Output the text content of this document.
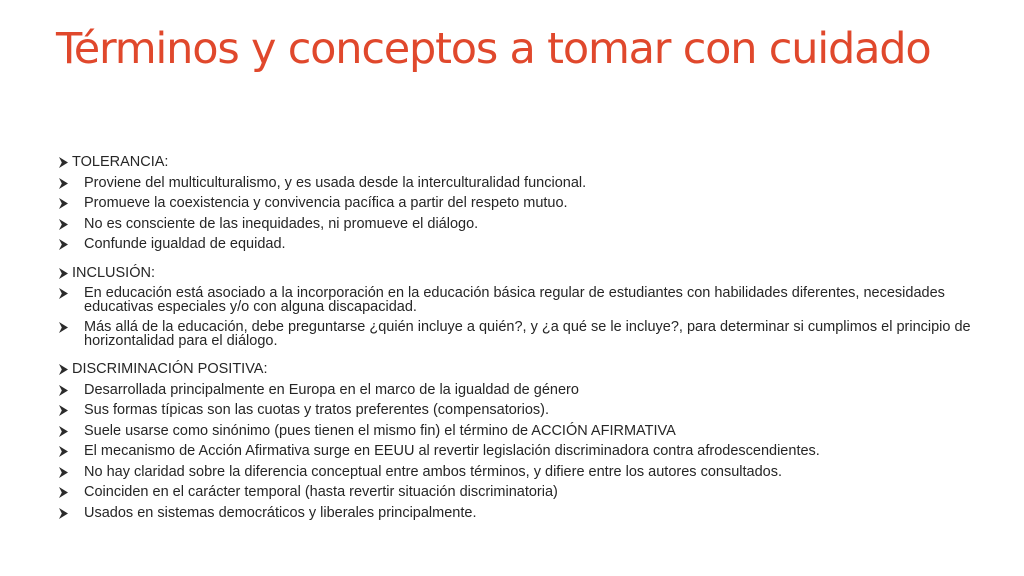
Términos y conceptos a tomar con cuidado
TOLERANCIA:
Proviene del multiculturalismo, y es usada desde la interculturalidad funcional.
Promueve la coexistencia y convivencia pacífica a partir del respeto mutuo.
No es consciente de las inequidades, ni promueve el diálogo.
Confunde igualdad de equidad.
INCLUSIÓN:
En educación está asociado a la incorporación en la educación básica regular de estudiantes con habilidades diferentes, necesidades educativas especiales y/o con alguna discapacidad.
Más allá de la educación, debe preguntarse ¿quién incluye a quién?, y ¿a qué se le incluye?, para determinar si cumplimos el principio de horizontalidad para el diálogo.
DISCRIMINACIÓN POSITIVA:
Desarrollada principalmente en Europa en el marco de la igualdad de género
Sus formas típicas son las cuotas y tratos preferentes (compensatorios).
Suele usarse como sinónimo (pues tienen el mismo fin) el término de ACCIÓN AFIRMATIVA
El mecanismo de Acción Afirmativa surge en EEUU al revertir legislación discriminadora contra afrodescendientes.
No hay claridad sobre la diferencia conceptual entre ambos términos, y difiere entre los autores consultados.
Coinciden en el carácter temporal (hasta revertir situación discriminatoria)
Usados en sistemas democráticos y liberales principalmente.
